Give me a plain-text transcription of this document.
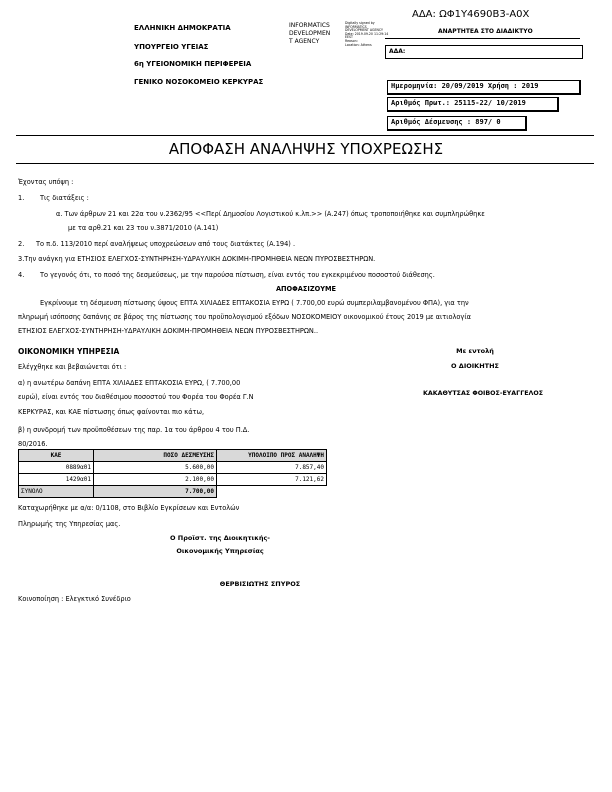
ΑΔΑ: ΩΦ1Υ4690Β3-Α0Χ
ΕΛΛΗΝΙΚΗ ΔΗΜΟΚΡΑΤΙΑ
ΥΠΟΥΡΓΕΙΟ ΥΓΕΙΑΣ
6η ΥΓΕΙΟΝΟΜΙΚΗ ΠΕΡΙΦΕΡΕΙΑ
ΓΕΝΙΚΟ ΝΟΣΟΚΟΜΕΙΟ ΚΕΡΚΥΡΑΣ
INFORMATICS
DEVELOPMEN
T AGENCY
Digitally signed by
INFORMATICS
DEVELOPMENT AGENCY
Date: 2019.09.20 11:29:14
EEST
Reason:
Location: Athens
ΑΝΑΡΤΗΤΕΑ ΣΤΟ ΔΙΑΔΙΚΤΥΟ
ΑΔΑ:
Ημερομηνία: 20/09/2019 Χρήση : 2019
Αριθμός Πρωτ.: 25115-22/ 10/2019
Αριθμός Δέσμευσης : 897/ 0
ΑΠΟΦΑΣΗ ΑΝΑΛΗΨΗΣ ΥΠΟΧΡΕΩΣΗΣ
Έχοντας υπόψη :
1. Τις διατάξεις :
α. Των άρθρων 21 και 22α του ν.2362/95 <<Περί Δημοσίου Λογιστικού κ.λπ.>> (Α.247) όπως τροποποιήθηκε και συμπληρώθηκε
με τα αρθ.21 και 23 του ν.3871/2010 (Α.141)
2. Το π.δ. 113/2010 περί αναλήψεως υποχρεώσεων από τους διατάκτες (Α.194) .
3.Την ανάγκη για ΕΤΗΣΙΟΣ ΕΛΕΓΧΟΣ-ΣΥΝΤΗΡΗΣΗ-ΥΔΡΑΥΛΙΚΗ ΔΟΚΙΜΗ-ΠΡΟΜΗΘΕΙΑ ΝΕΩΝ ΠΥΡΟΣΒΕΣΤΗΡΩΝ.
4. Το γεγονός ότι, το ποσό της δεσμεύσεως, με την παρούσα πίστωση, είναι εντός του εγκεκριμένου ποσοστού διάθεσης.
ΑΠΟΦΑΣΙΖΟΥΜΕ
Εγκρίνουμε τη δέσμευση πίστωσης ύψους ΕΠΤΑ ΧΙΛΙΑΔΕΣ ΕΠΤΑΚΟΣΙΑ ΕΥΡΩ ( 7.700,00 ευρώ συμπεριλαμβανομένου ΦΠΑ), για την
πληρωμή ισόποσης δαπάνης σε βάρος της πίστωσης του προϋπολογισμού εξόδων ΝΟΣΟΚΟΜΕΙΟΥ οικονομικού έτους 2019 με αιτιολογία
ΕΤΗΣΙΟΣ ΕΛΕΓΧΟΣ-ΣΥΝΤΗΡΗΣΗ-ΥΔΡΑΥΛΙΚΗ ΔΟΚΙΜΗ-ΠΡΟΜΗΘΕΙΑ ΝΕΩΝ ΠΥΡΟΣΒΕΣΤΗΡΩΝ..
ΟΙΚΟΝΟΜΙΚΗ ΥΠΗΡΕΣΙΑ
Ελέγχθηκε και βεβαιώνεται ότι :
α) η ανωτέρω δαπάνη ΕΠΤΑ ΧΙΛΙΑΔΕΣ ΕΠΤΑΚΟΣΙΑ ΕΥΡΩ, ( 7.700,00
ευρώ), είναι εντός του διαθέσιμου ποσοστού του Φορέα του Φορέα Γ.Ν
ΚΕΡΚΥΡΑΣ, και ΚΑΕ πίστωσης όπως φαίνονται πιο κάτω,
β) η συνδρομή των προϋποθέσεων της παρ. 1α του άρθρου 4 του Π.Δ.
80/2016.
ΚΑΕ	ΠΟΣΟ ΔΕΣΜΕΥΣΗΣ	ΥΠΟΛΟΙΠΟ ΠΡΟΣ ΑΝΑΛΗΨΗ
0889α01	5.600,00	7.857,40
1429α01	2.100,00	7.121,62
ΣΥΝΟΛΟ	7.700,00	
Καταχωρήθηκε με α/α: 0/1108, στο Βιβλίο Εγκρίσεων και Εντολών
Πληρωμής της Υπηρεσίας μας.
Ο Προϊστ. της Διοικητικής-
Οικονομικής Υπηρεσίας
ΘΕΡΒΙΣΙΩΤΗΣ ΣΠΥΡΟΣ
Με εντολή
Ο ΔΙΟΙΚΗΤΗΣ
ΚΑΚΑΘΥΤΣΑΣ ΦΟΙΒΟΣ-ΕΥΑΓΓΕΛΟΣ
Κοινοποίηση : Ελεγκτικό Συνέδριο
